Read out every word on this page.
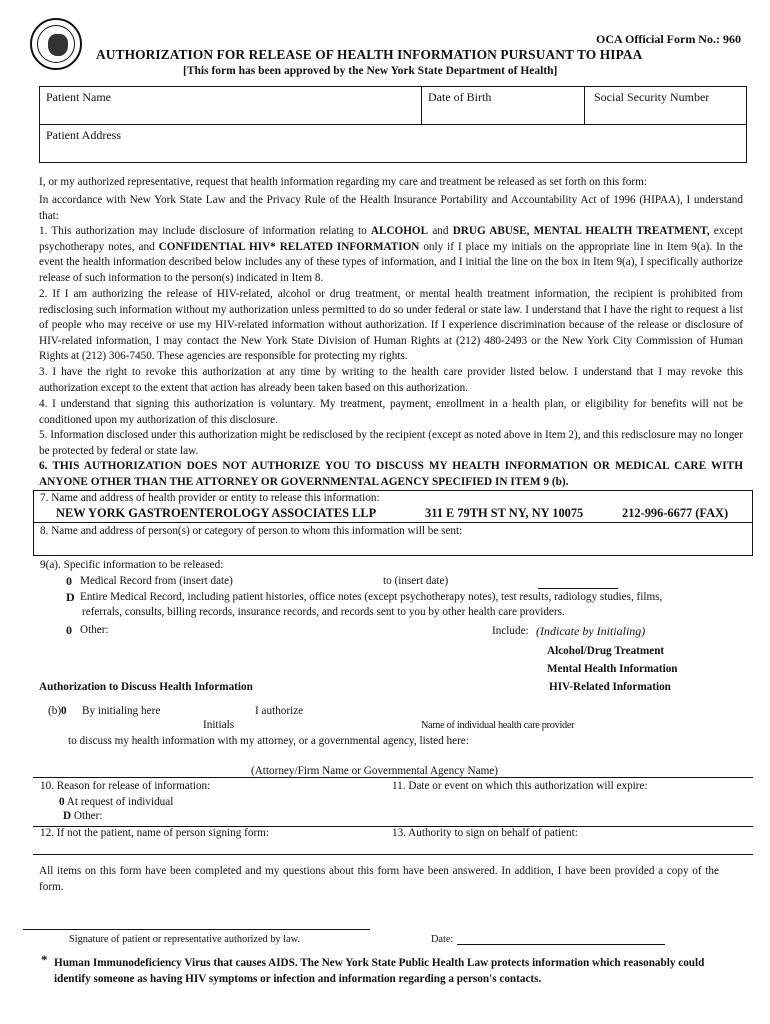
OCA Official Form No.: 960
AUTHORIZATION FOR RELEASE OF HEALTH INFORMATION PURSUANT TO HIPAA
[This form has been approved by the New York State Department of Health]
Patient Name	Date of Birth	Social Security Number
Patient Address
I, or my authorized representative, request that health information regarding my care and treatment be released as set forth on this form:
In accordance with New York State Law and the Privacy Rule of the Health Insurance Portability and Accountability Act of 1996 (HIPAA), I understand that:
1. This authorization may include disclosure of information relating to ALCOHOL and DRUG ABUSE, MENTAL HEALTH TREATMENT, except psychotherapy notes, and CONFIDENTIAL HIV* RELATED INFORMATION only if I place my initials on the appropriate line in Item 9(a). In the event the health information described below includes any of these types of information, and I initial the line on the box in Item 9(a), I specifically authorize release of such information to the person(s) indicated in Item 8.
2. If I am authorizing the release of HIV-related, alcohol or drug treatment, or mental health treatment information, the recipient is prohibited from redisclosing such information without my authorization unless permitted to do so under federal or state law. I understand that I have the right to request a list of people who may receive or use my HIV-related information without authorization. If I experience discrimination because of the release or disclosure of HIV-related information, I may contact the New York State Division of Human Rights at (212) 480-2493 or the New York City Commission of Human Rights at (212) 306-7450. These agencies are responsible for protecting my rights.
3. I have the right to revoke this authorization at any time by writing to the health care provider listed below. I understand that I may revoke this authorization except to the extent that action has already been taken based on this authorization.
4. I understand that signing this authorization is voluntary. My treatment, payment, enrollment in a health plan, or eligibility for benefits will not be conditioned upon my authorization of this disclosure.
5. Information disclosed under this authorization might be redisclosed by the recipient (except as noted above in Item 2), and this redisclosure may no longer be protected by federal or state law.
6. THIS AUTHORIZATION DOES NOT AUTHORIZE YOU TO DISCUSS MY HEALTH INFORMATION OR MEDICAL CARE WITH ANYONE OTHER THAN THE ATTORNEY OR GOVERNMENTAL AGENCY SPECIFIED IN ITEM 9 (b).
7. Name and address of health provider or entity to release this information:
NEW YORK GASTROENTEROLOGY ASSOCIATES LLP	311 E 79TH ST NY, NY 10075	212-996-6677 (FAX)
8. Name and address of person(s) or category of person to whom this information will be sent:
9(a). Specific information to be released:
0 Medical Record from (insert date)	to (insert date)
D Entire Medical Record, including patient histories, office notes (except psychotherapy notes), test results, radiology studies, films,
referrals, consults, billing records, insurance records, and records sent to you by other health care providers.
0 Other:	Include: (Indicate by Initialing)
Alcohol/Drug Treatment
Mental Health Information
HIV-Related Information
Authorization to Discuss Health Information
(b)0 By initialing here	I authorize
Initials	Name of individual health care provider
to discuss my health information with my attorney, or a governmental agency, listed here:
(Attorney/Firm Name or Governmental Agency Name)
10. Reason for release of information:	11. Date or event on which this authorization will expire:
0 At request of individual
D Other:
12. If not the patient, name of person signing form:	13. Authority to sign on behalf of patient:
All items on this form have been completed and my questions about this form have been answered. In addition, I have been provided a copy of the form.
Signature of patient or representative authorized by law.	Date:
* Human Immunodeficiency Virus that causes AIDS. The New York State Public Health Law protects information which reasonably could identify someone as having HIV symptoms or infection and information regarding a person's contacts.
